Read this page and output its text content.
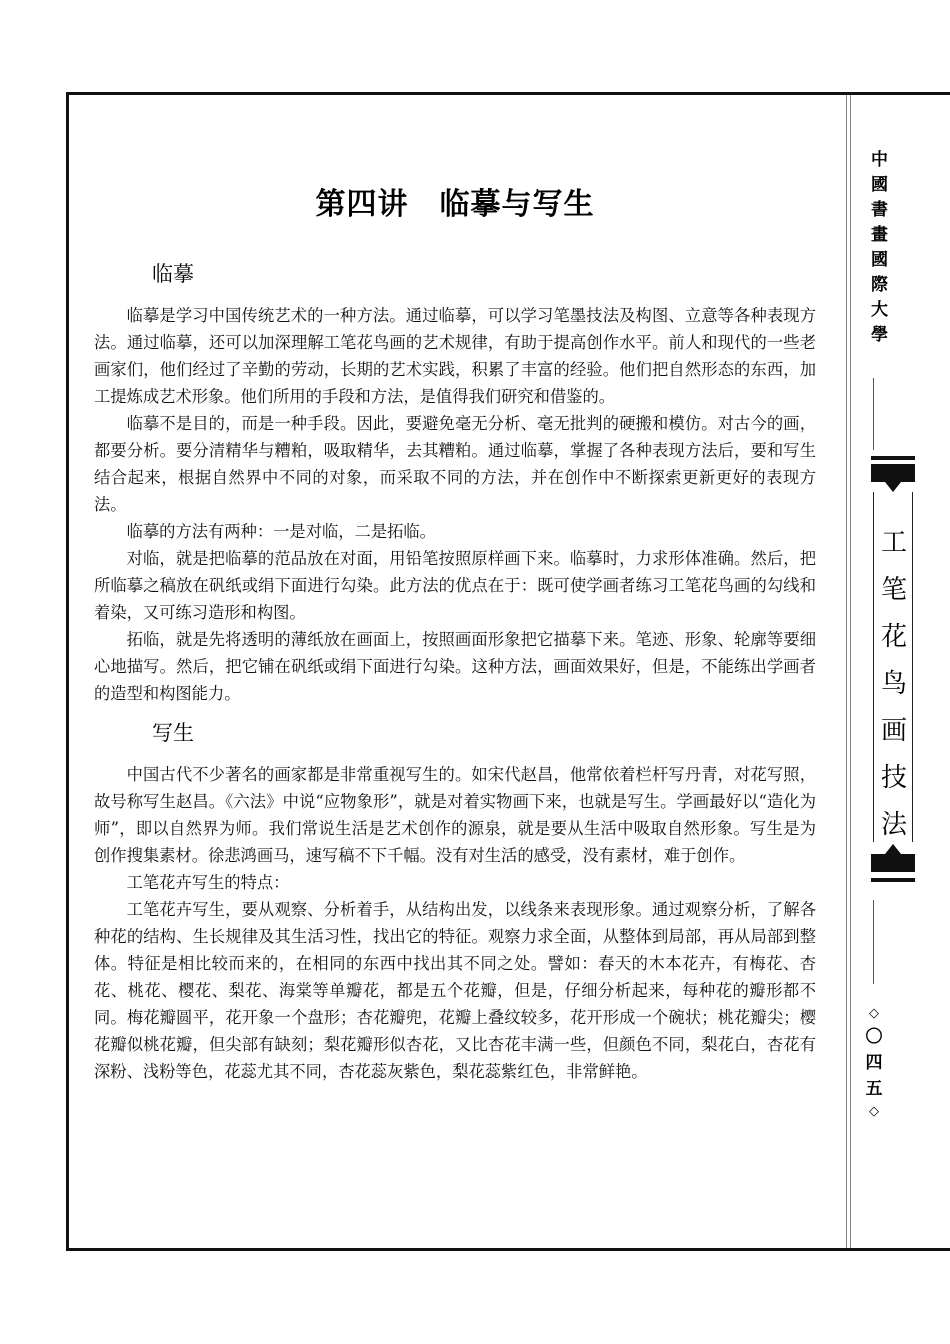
第四讲　临摹与写生
临摹

临摹是学习中国传统艺术的一种方法。通过临摹，可以学习笔墨技法及构图、立意等各种表现方法。通过临摹，还可以加深理解工笔花鸟画的艺术规律，有助于提高创作水平。前人和现代的一些老画家们，他们经过了辛勤的劳动，长期的艺术实践，积累了丰富的经验。他们把自然形态的东西，加工提炼成艺术形象。他们所用的手段和方法，是值得我们研究和借鉴的。

临摹不是目的，而是一种手段。因此，要避免毫无分析、毫无批判的硬搬和模仿。对古今的画，都要分析。要分清精华与糟粕，吸取精华，去其糟粕。通过临摹，掌握了各种表现方法后，要和写生结合起来，根据自然界中不同的对象，而采取不同的方法，并在创作中不断探索更新更好的表现方法。

临摹的方法有两种：一是对临，二是拓临。

对临，就是把临摹的范品放在对面，用铅笔按照原样画下来。临摹时，力求形体准确。然后，把所临摹之稿放在矾纸或绢下面进行勾染。此方法的优点在于：既可使学画者练习工笔花鸟画的勾线和着染，又可练习造形和构图。

拓临，就是先将透明的薄纸放在画面上，按照画面形象把它描摹下来。笔迹、形象、轮廓等要细心地描写。然后，把它铺在矾纸或绢下面进行勾染。这种方法，画面效果好，但是，不能练出学画者的造型和构图能力。

写生

中国古代不少著名的画家都是非常重视写生的。如宋代赵昌，他常依着栏杆写丹青，对花写照，故号称写生赵昌。《六法》中说“应物象形”，就是对着实物画下来，也就是写生。学画最好以“造化为师”，即以自然界为师。我们常说生活是艺术创作的源泉，就是要从生活中吸取自然形象。写生是为创作搜集素材。徐悲鸿画马，速写稿不下千幅。没有对生活的感受，没有素材，难于创作。

工笔花卉写生的特点：

工笔花卉写生，要从观察、分析着手，从结构出发，以线条来表现形象。通过观察分析，了解各种花的结构、生长规律及其生活习性，找出它的特征。观察力求全面，从整体到局部，再从局部到整体。特征是相比较而来的，在相同的东西中找出其不同之处。譬如：春天的木本花卉，有梅花、杏花、桃花、樱花、梨花、海棠等单瓣花，都是五个花瓣，但是，仔细分析起来，每种花的瓣形都不同。梅花瓣圆平，花开象一个盘形；杏花瓣兜，花瓣上叠纹较多，花开形成一个碗状；桃花瓣尖；樱花瓣似桃花瓣，但尖部有缺刻；梨花瓣形似杏花，又比杏花丰满一些，但颜色不同，梨花白，杏花有深粉、浅粉等色，花蕊尤其不同，杏花蕊灰紫色，梨花蕊紫红色，非常鲜艳。

中國書畫國際大學
工
笔
花
鸟
画
技
法
◇
〇
四
五
◇
